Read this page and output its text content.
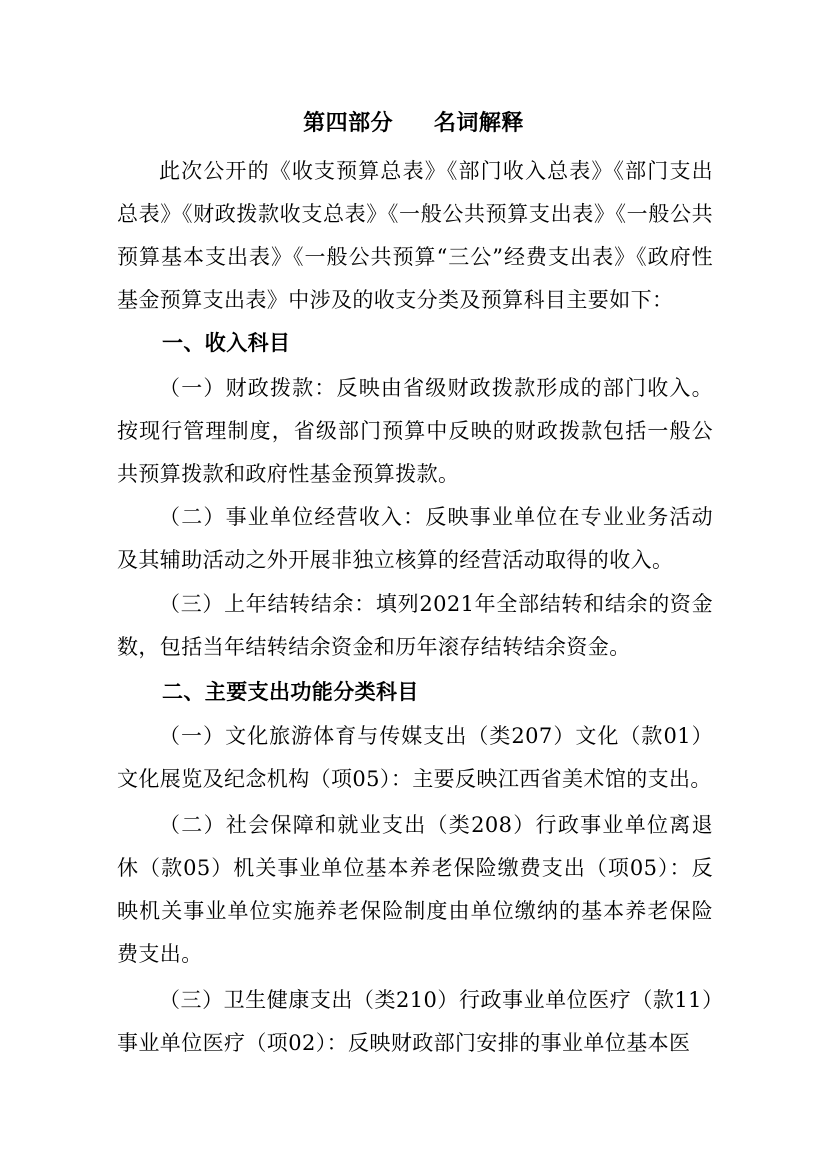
第四部分     名词解释
此次公开的《收支预算总表》《部门收入总表》《部门支出总表》《财政拨款收支总表》《一般公共预算支出表》《一般公共预算基本支出表》《一般公共预算“三公”经费支出表》《政府性基金预算支出表》中涉及的收支分类及预算科目主要如下：
一、收入科目
（一）财政拨款：反映由省级财政拨款形成的部门收入。按现行管理制度，省级部门预算中反映的财政拨款包括一般公共预算拨款和政府性基金预算拨款。
（二）事业单位经营收入：反映事业单位在专业业务活动及其辅助活动之外开展非独立核算的经营活动取得的收入。
（三）上年结转结余：填列2021年全部结转和结余的资金数，包括当年结转结余资金和历年滚存结转结余资金。
二、主要支出功能分类科目
（一）文化旅游体育与传媒支出（类207）文化（款01）文化展览及纪念机构（项05）：主要反映江西省美术馆的支出。
（二）社会保障和就业支出（类208）行政事业单位离退休（款05）机关事业单位基本养老保险缴费支出（项05）：反映机关事业单位实施养老保险制度由单位缴纳的基本养老保险费支出。
（三）卫生健康支出（类210）行政事业单位医疗（款11）事业单位医疗（项02）：反映财政部门安排的事业单位基本医
